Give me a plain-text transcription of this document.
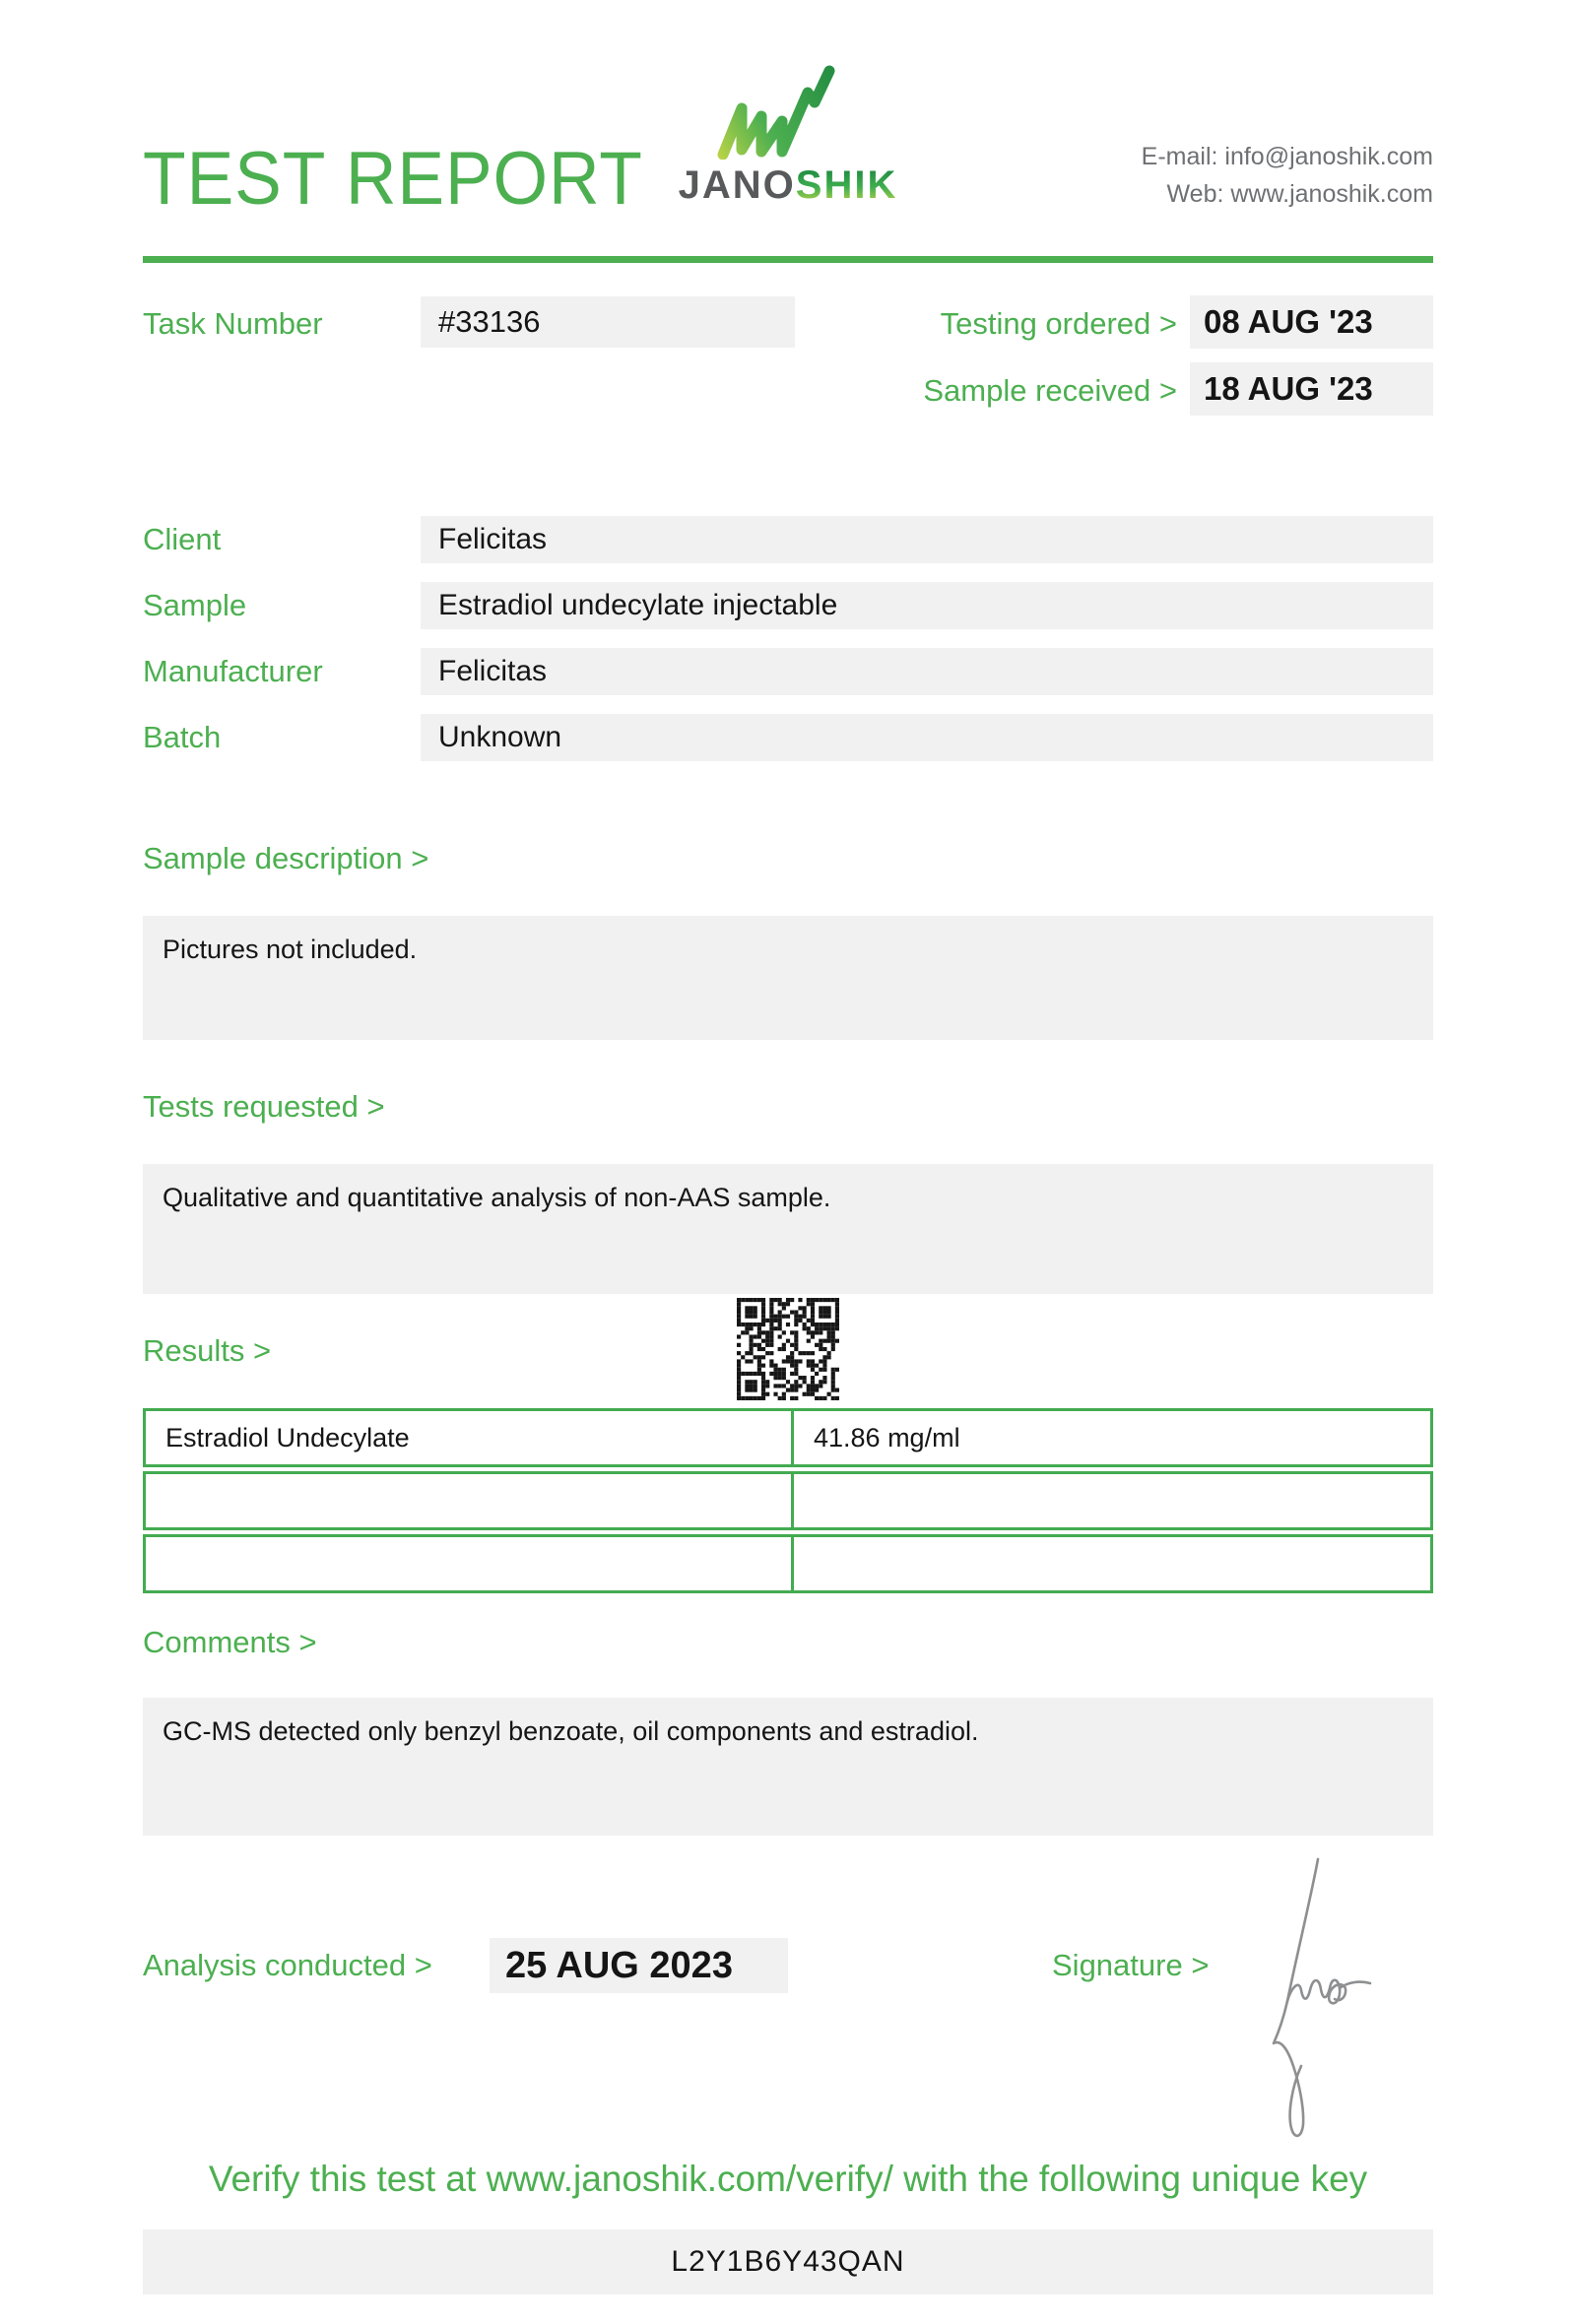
TEST REPORT JANOSHIK
E-mail: info@janoshik.com
Web: www.janoshik.com
Task Number	#33136	Testing ordered > 08 AUG '23
Sample received > 18 AUG '23
Client	Felicitas
Sample	Estradiol undecylate injectable
Manufacturer	Felicitas
Batch	Unknown
Sample description >
Pictures not included.
Tests requested >
Qualitative and quantitative analysis of non-AAS sample.
Results >
Estradiol Undecylate	41.86 mg/ml
Comments >
GC-MS detected only benzyl benzoate, oil components and estradiol.
Analysis conducted >	25 AUG 2023	Signature >
Verify this test at www.janoshik.com/verify/ with the following unique key
L2Y1B6Y43QAN
